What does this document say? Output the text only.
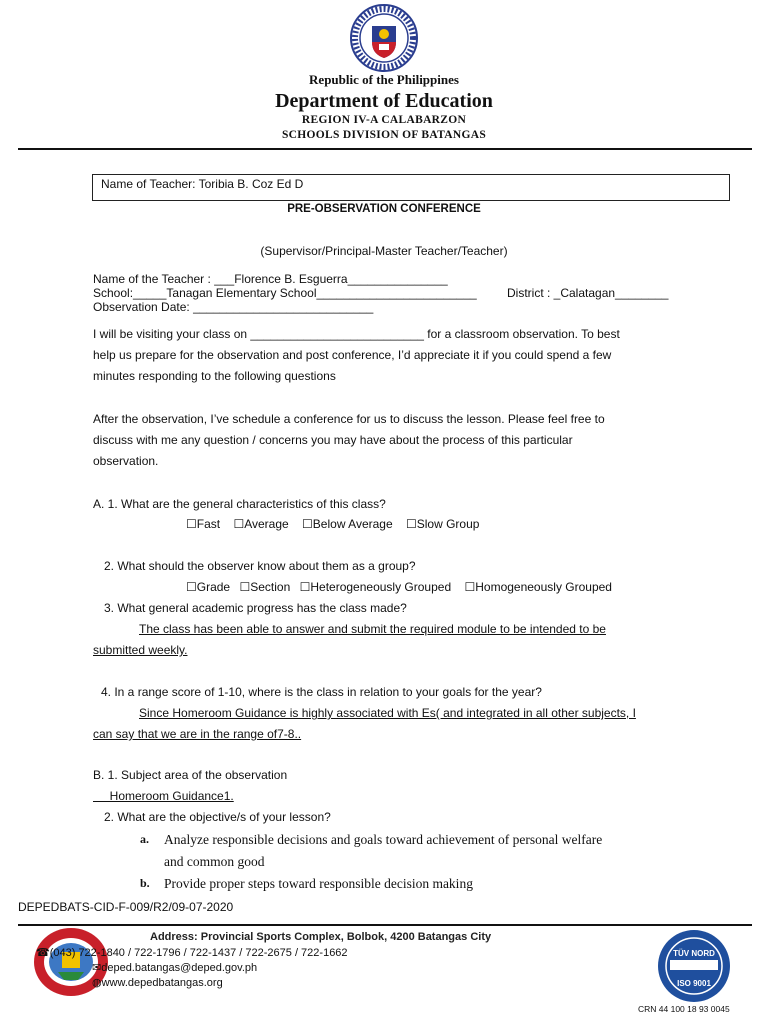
Republic of the Philippines
Department of Education
REGION IV-A CALABARZON
SCHOOLS DIVISION OF BATANGAS
Name of Teacher: Toribia B. Coz Ed D
PRE-OBSERVATION CONFERENCE
(Supervisor/Principal-Master Teacher/Teacher)
Name of the Teacher : ___Florence B. Esguerra_______________
School:_____Tanagan Elementary School________________________	District : _Calatagan________
Observation Date: ___________________________
I will be visiting your class on __________________________ for a classroom observation. To best
help us prepare for the observation and post conference, I’d appreciate it if you could spend a few
minutes responding to the following questions
After the observation, I’ve schedule a conference for us to discuss the lesson. Please feel free to
discuss with me any question / concerns you may have about the process of this particular
observation.
A. 1. What are the general characteristics of this class?
☐Fast ☐Average ☐Below Average ☐Slow Group
2. What should the observer know about them as a group?
☐Grade ☐Section ☐Heterogeneously Grouped ☐Homogeneously Grouped
3. What general academic progress has the class made?
The class has been able to answer and submit the required module to be intended to be
submitted weekly.
4. In a range score of 1-10, where is the class in relation to your goals for the year?
Since Homeroom Guidance is highly associated with Es( and integrated in all other subjects, I
can say that we are in the range of7-8..
B. 1. Subject area of the observation
Homeroom Guidance1.
2. What are the objective/s of your lesson?
a. Analyze responsible decisions and goals toward achievement of personal welfare
and common good
b. Provide proper steps toward responsible decision making
DEPEDBATS-CID-F-009/R2/09-07-2020
Address: Provincial Sports Complex, Bolbok, 4200 Batangas City
☎(043) 722-1840 / 722-1796 / 722-1437 / 722-2675 / 722-1662
✉deped.batangas@deped.gov.ph
◍www.depedbatangas.org
TÜV NORD
ISO 9001
CRN 44 100 18 93 0045
